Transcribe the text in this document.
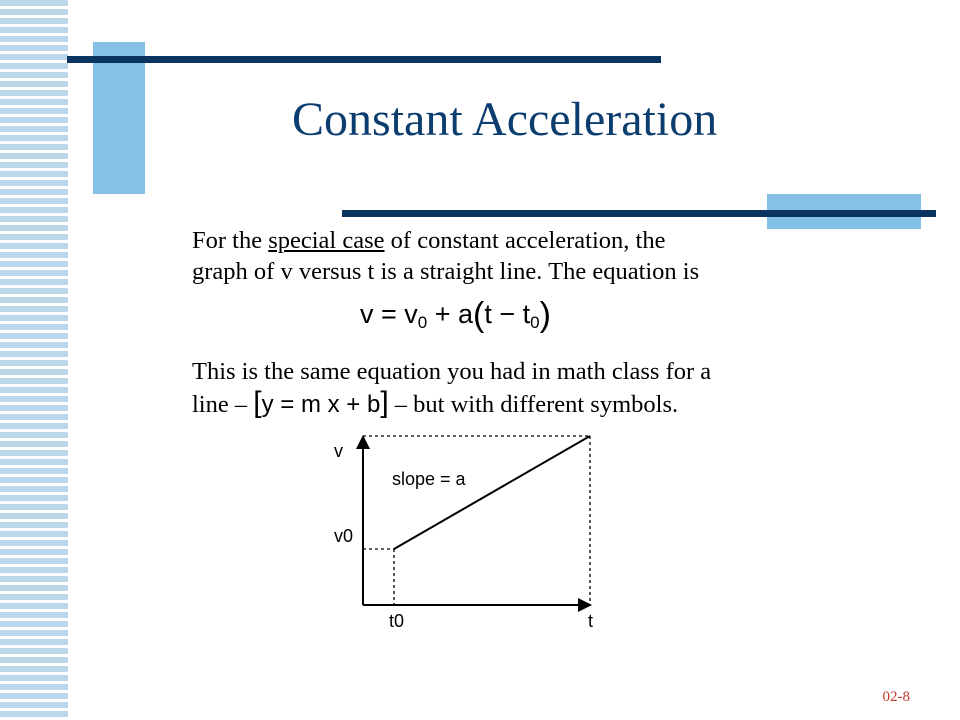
Constant Acceleration
For the special case of constant acceleration, the
graph of v versus t is a straight line. The equation is
$v = v_0 + a(t - t_0)$
This is the same equation you had in math class for a
line – [y = m x + b] – but with different symbols.
v
slope = a
v0
t0	t
02-8
